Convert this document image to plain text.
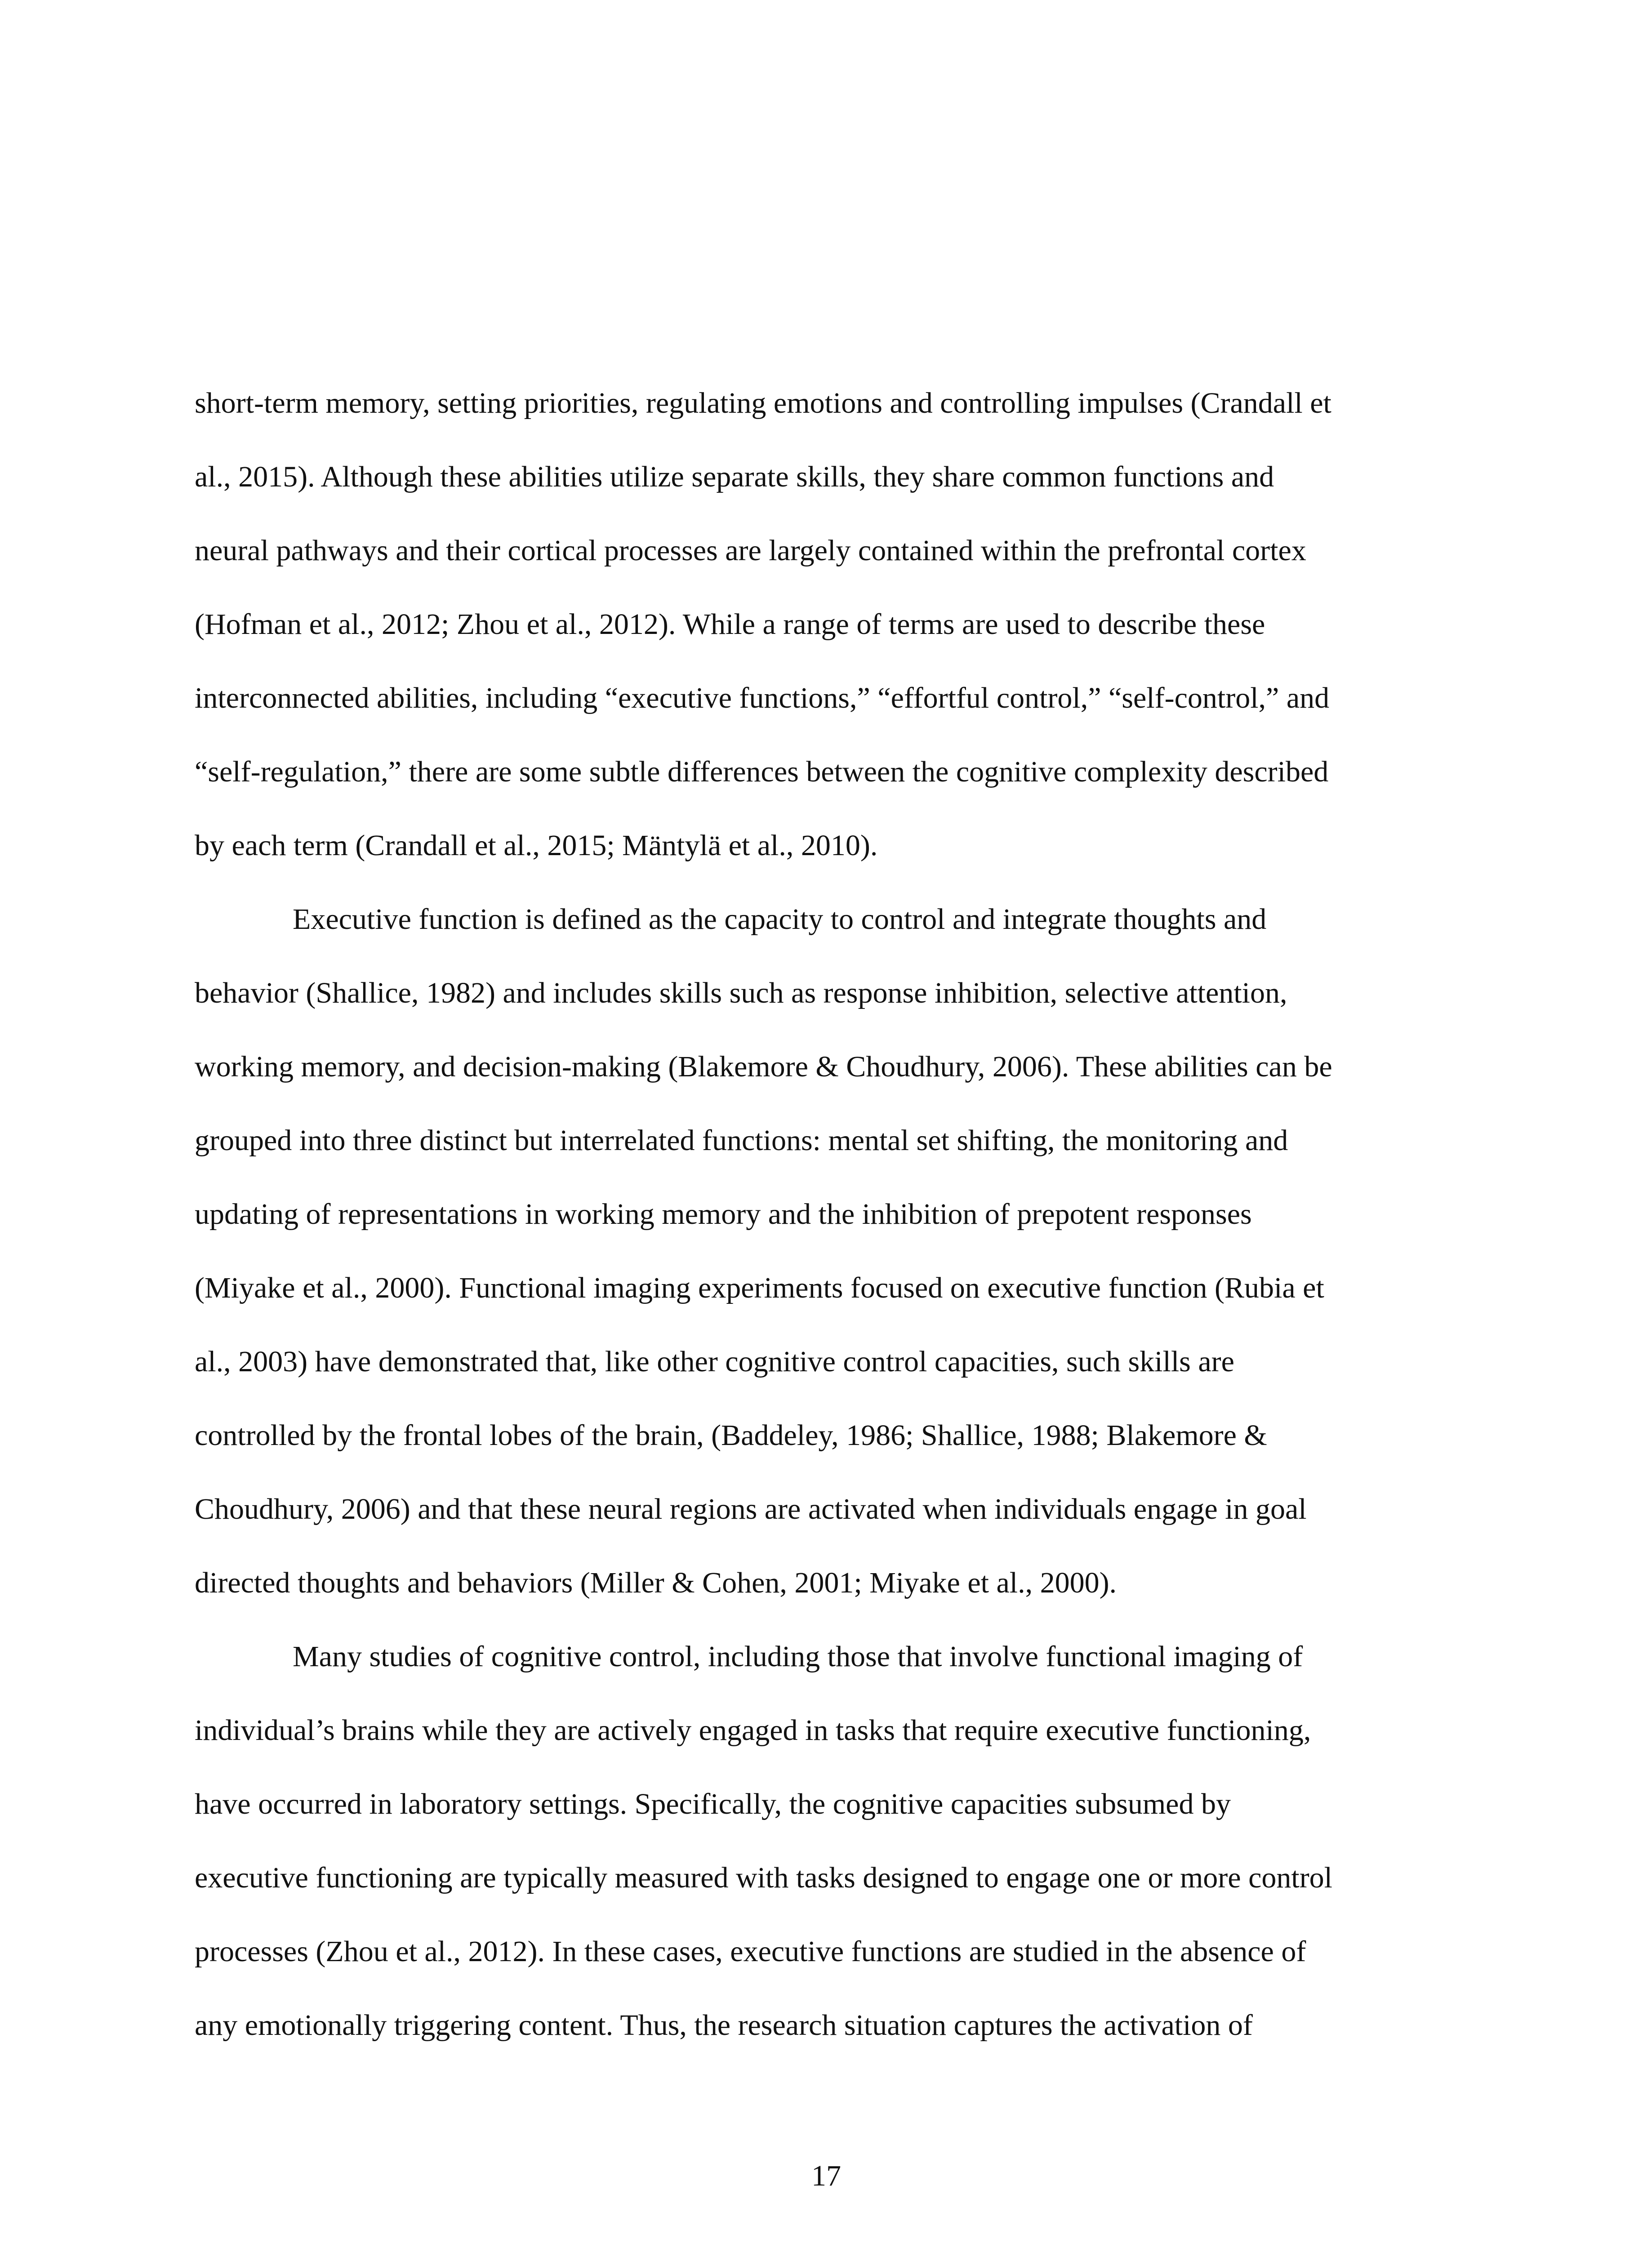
short-term memory, setting priorities, regulating emotions and controlling impulses (Crandall et
al., 2015). Although these abilities utilize separate skills, they share common functions and
neural pathways and their cortical processes are largely contained within the prefrontal cortex
(Hofman et al., 2012; Zhou et al., 2012). While a range of terms are used to describe these
interconnected abilities, including “executive functions,” “effortful control,” “self-control,” and
“self-regulation,” there are some subtle differences between the cognitive complexity described
by each term (Crandall et al., 2015; Mäntylä et al., 2010).
Executive function is defined as the capacity to control and integrate thoughts and
behavior (Shallice, 1982) and includes skills such as response inhibition, selective attention,
working memory, and decision-making (Blakemore & Choudhury, 2006). These abilities can be
grouped into three distinct but interrelated functions: mental set shifting, the monitoring and
updating of representations in working memory and the inhibition of prepotent responses
(Miyake et al., 2000). Functional imaging experiments focused on executive function (Rubia et
al., 2003) have demonstrated that, like other cognitive control capacities, such skills are
controlled by the frontal lobes of the brain, (Baddeley, 1986; Shallice, 1988; Blakemore &
Choudhury, 2006) and that these neural regions are activated when individuals engage in goal
directed thoughts and behaviors (Miller & Cohen, 2001; Miyake et al., 2000).
Many studies of cognitive control, including those that involve functional imaging of
individual’s brains while they are actively engaged in tasks that require executive functioning,
have occurred in laboratory settings. Specifically, the cognitive capacities subsumed by
executive functioning are typically measured with tasks designed to engage one or more control
processes (Zhou et al., 2012). In these cases, executive functions are studied in the absence of
any emotionally triggering content. Thus, the research situation captures the activation of
17
